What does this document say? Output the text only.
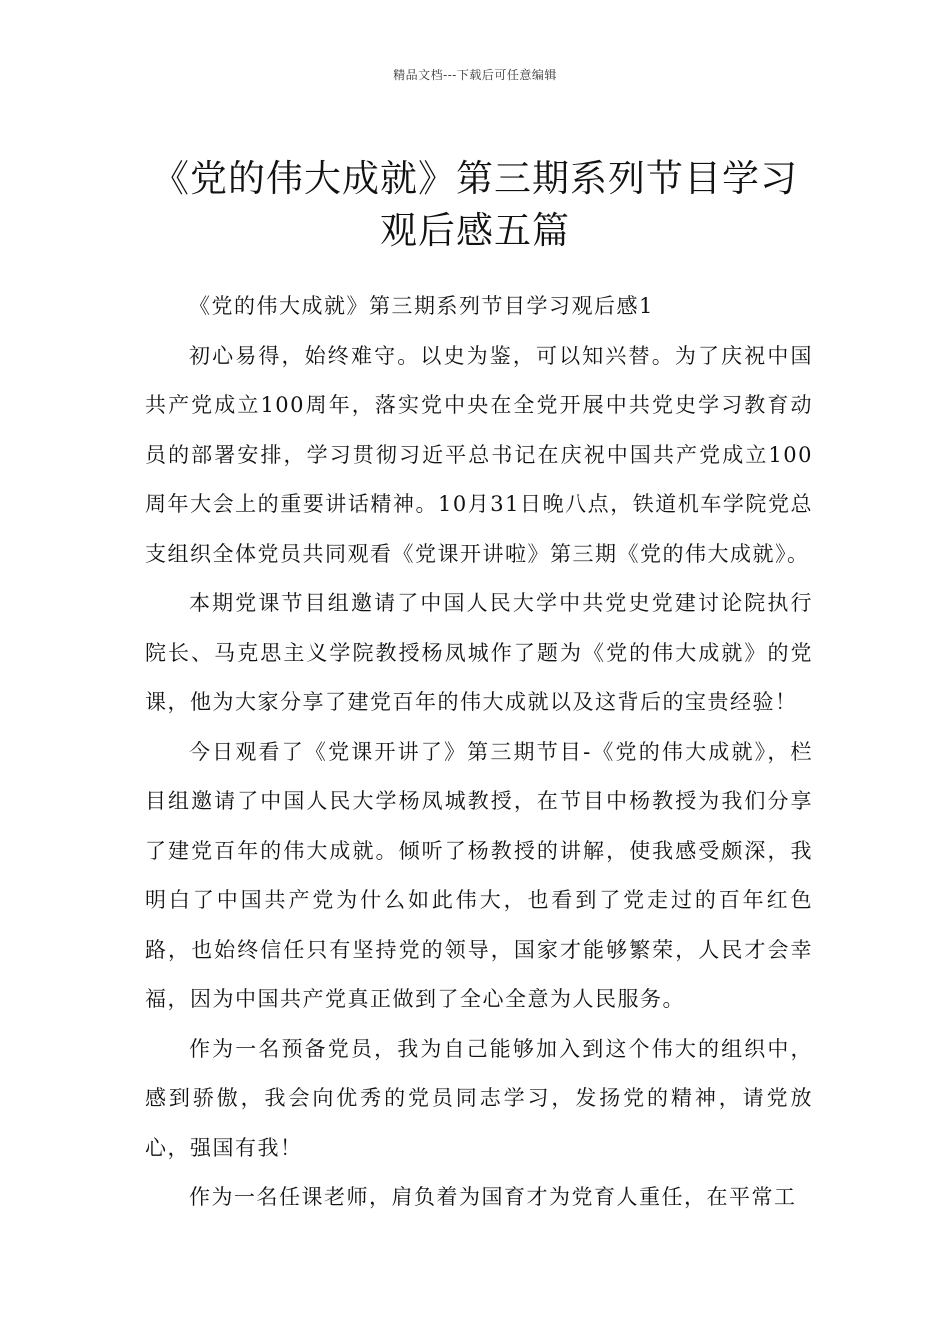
精品文档---下载后可任意编辑
《党的伟大成就》第三期系列节目学习
观后感五篇

《党的伟大成就》第三期系列节目学习观后感1

初心易得，始终难守。以史为鉴，可以知兴替。为了庆祝中国共产党成立100周年，落实党中央在全党开展中共党史学习教育动员的部署安排，学习贯彻习近平总书记在庆祝中国共产党成立100周年大会上的重要讲话精神。10月31日晚八点，铁道机车学院党总支组织全体党员共同观看《党课开讲啦》第三期《党的伟大成就》。

本期党课节目组邀请了中国人民大学中共党史党建讨论院执行院长、马克思主义学院教授杨凤城作了题为《党的伟大成就》的党课，他为大家分享了建党百年的伟大成就以及这背后的宝贵经验！

今日观看了《党课开讲了》第三期节目-《党的伟大成就》，栏目组邀请了中国人民大学杨凤城教授，在节目中杨教授为我们分享了建党百年的伟大成就。倾听了杨教授的讲解，使我感受颇深，我明白了中国共产党为什么如此伟大，也看到了党走过的百年红色路，也始终信任只有坚持党的领导，国家才能够繁荣，人民才会幸福，因为中国共产党真正做到了全心全意为人民服务。

作为一名预备党员，我为自己能够加入到这个伟大的组织中，感到骄傲，我会向优秀的党员同志学习，发扬党的精神，请党放心，强国有我！

作为一名任课老师，肩负着为国育才为党育人重任，在平常工
